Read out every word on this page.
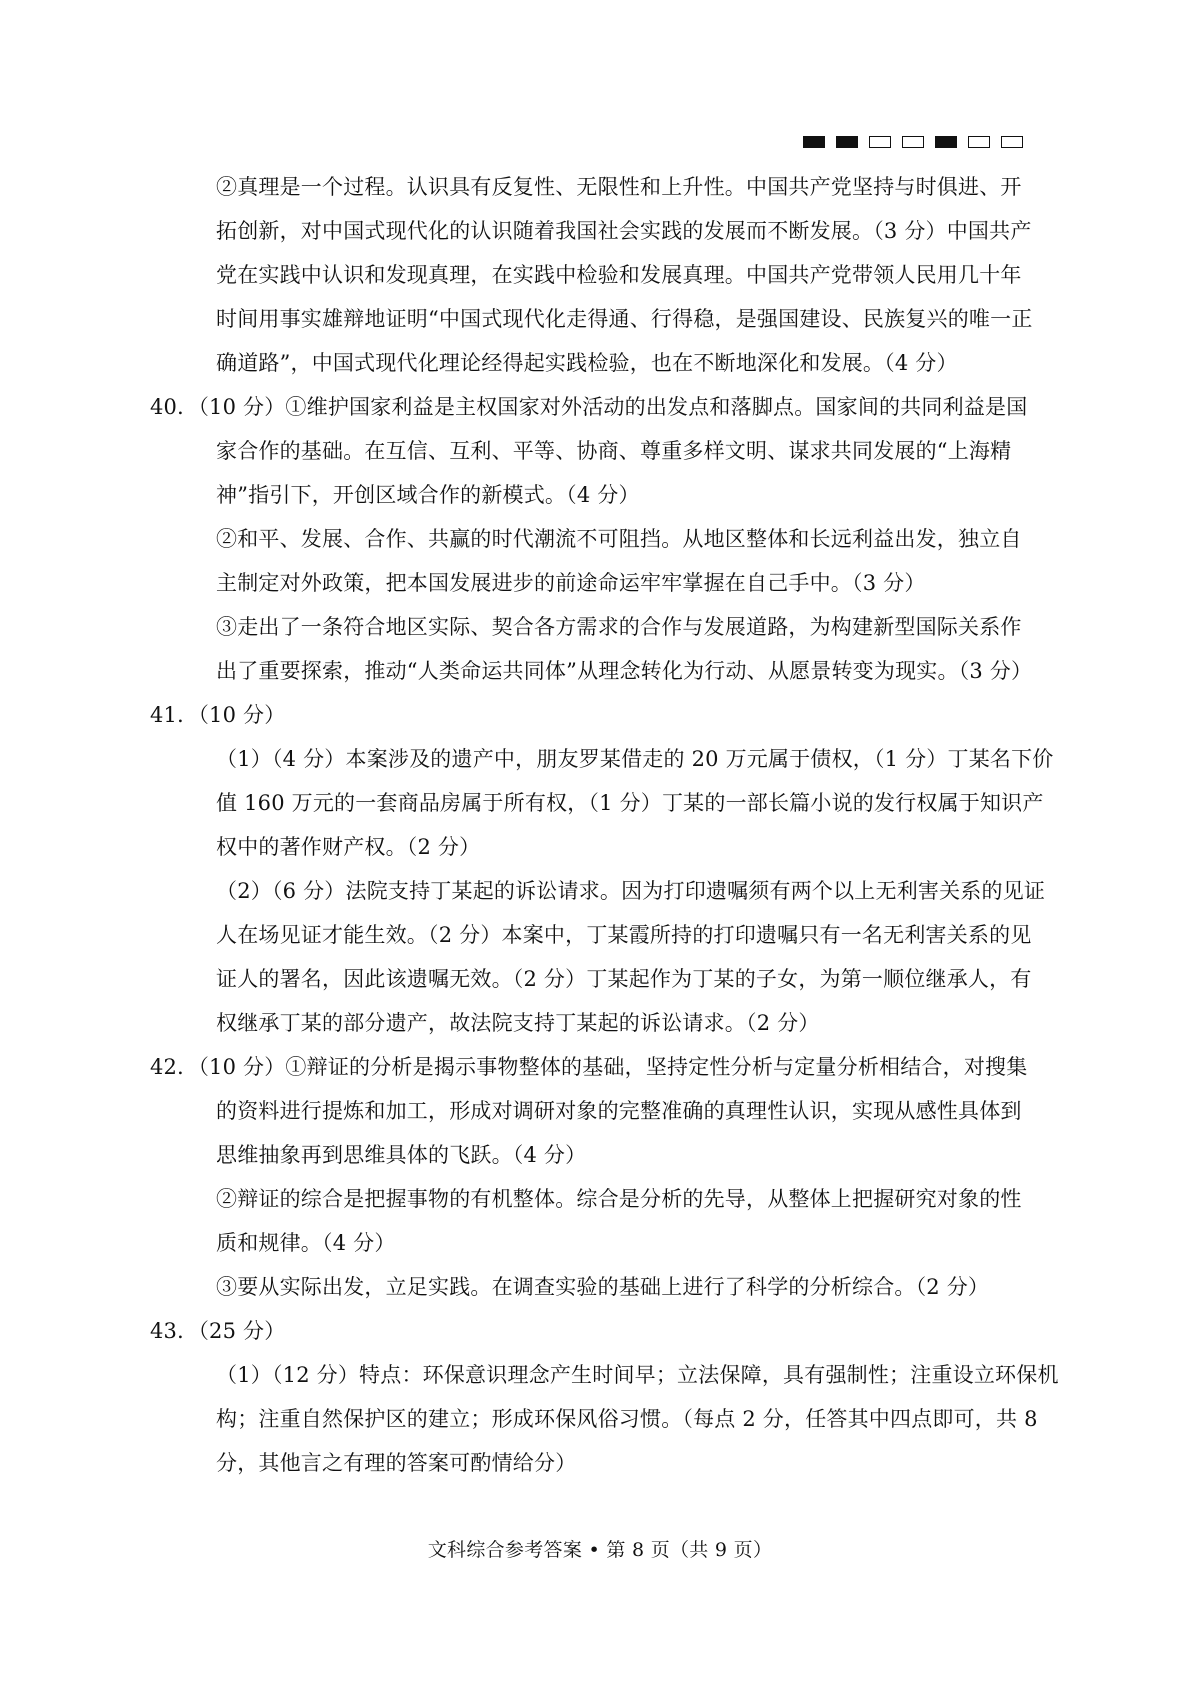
②真理是一个过程。认识具有反复性、无限性和上升性。中国共产党坚持与时俱进、开
拓创新，对中国式现代化的认识随着我国社会实践的发展而不断发展。（3 分）中国共产
党在实践中认识和发现真理，在实践中检验和发展真理。中国共产党带领人民用几十年
时间用事实雄辩地证明“中国式现代化走得通、行得稳，是强国建设、民族复兴的唯一正
确道路”，中国式现代化理论经得起实践检验，也在不断地深化和发展。（4 分）
40．（10 分）①维护国家利益是主权国家对外活动的出发点和落脚点。国家间的共同利益是国
家合作的基础。在互信、互利、平等、协商、尊重多样文明、谋求共同发展的“上海精
神”指引下，开创区域合作的新模式。（4 分）
②和平、发展、合作、共赢的时代潮流不可阻挡。从地区整体和长远利益出发，独立自
主制定对外政策，把本国发展进步的前途命运牢牢掌握在自己手中。（3 分）
③走出了一条符合地区实际、契合各方需求的合作与发展道路，为构建新型国际关系作
出了重要探索，推动“人类命运共同体”从理念转化为行动、从愿景转变为现实。（3 分）
41．（10 分）
（1）（4 分）本案涉及的遗产中，朋友罗某借走的 20 万元属于债权，（1 分）丁某名下价
值 160 万元的一套商品房属于所有权，（1 分）丁某的一部长篇小说的发行权属于知识产
权中的著作财产权。（2 分）
（2）（6 分）法院支持丁某起的诉讼请求。因为打印遗嘱须有两个以上无利害关系的见证
人在场见证才能生效。（2 分）本案中，丁某霞所持的打印遗嘱只有一名无利害关系的见
证人的署名，因此该遗嘱无效。（2 分）丁某起作为丁某的子女，为第一顺位继承人，有
权继承丁某的部分遗产，故法院支持丁某起的诉讼请求。（2 分）
42．（10 分）①辩证的分析是揭示事物整体的基础，坚持定性分析与定量分析相结合，对搜集
的资料进行提炼和加工，形成对调研对象的完整准确的真理性认识，实现从感性具体到
思维抽象再到思维具体的飞跃。（4 分）
②辩证的综合是把握事物的有机整体。综合是分析的先导，从整体上把握研究对象的性
质和规律。（4 分）
③要从实际出发，立足实践。在调查实验的基础上进行了科学的分析综合。（2 分）
43．（25 分）
（1）（12 分）特点：环保意识理念产生时间早；立法保障，具有强制性；注重设立环保机
构；注重自然保护区的建立；形成环保风俗习惯。（每点 2 分，任答其中四点即可，共 8
分，其他言之有理的答案可酌情给分）
文科综合参考答案 • 第 8 页（共 9 页）
